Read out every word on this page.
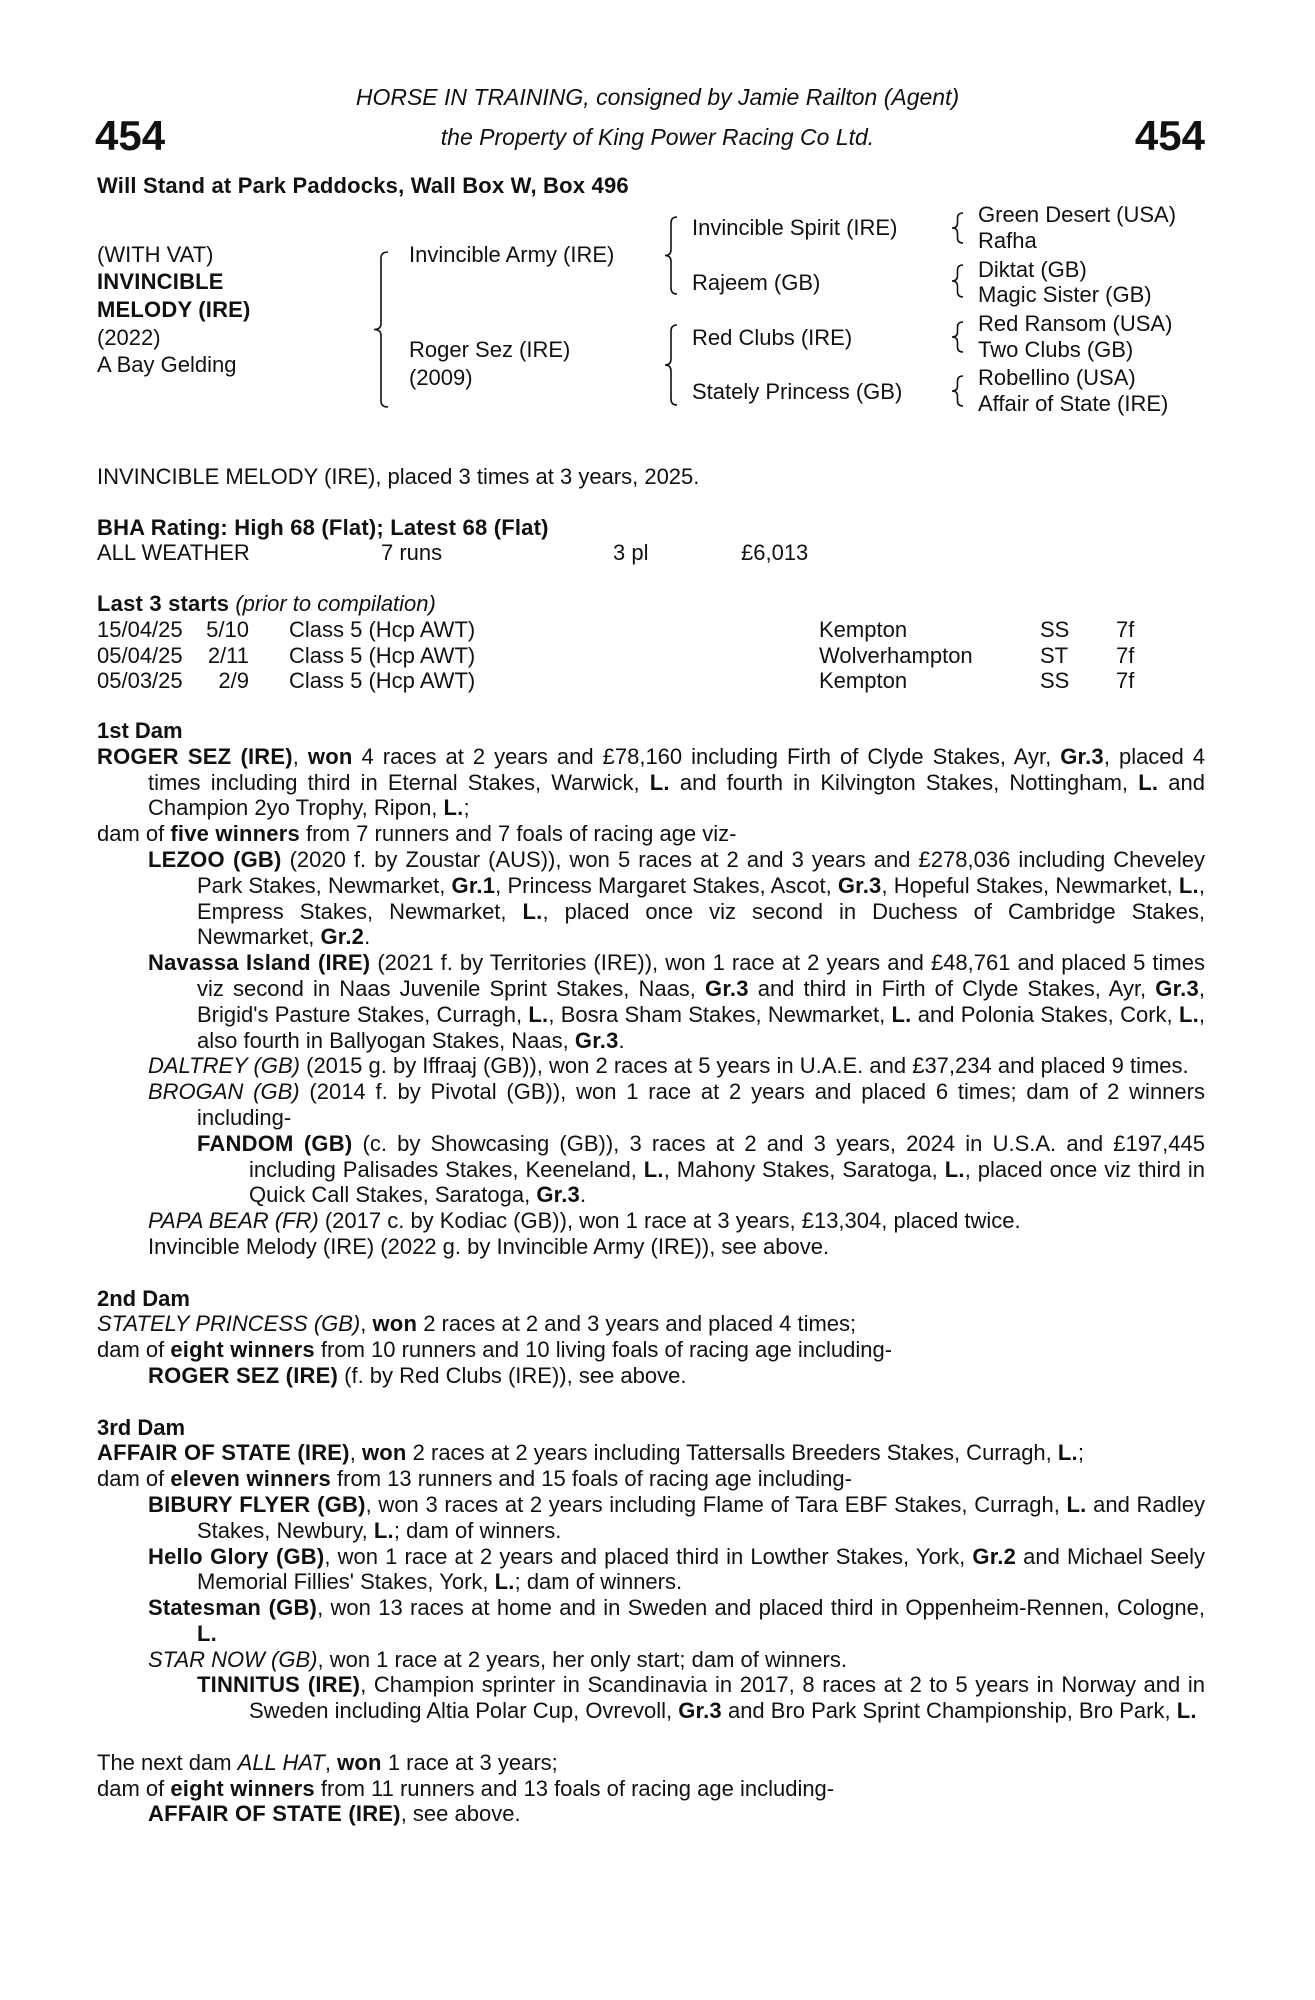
HORSE IN TRAINING, consigned by Jamie Railton (Agent)
the Property of King Power Racing Co Ltd.
454	454
Will Stand at Park Paddocks, Wall Box W, Box 496
(WITH VAT)
INVINCIBLE
MELODY (IRE)
(2022)
A Bay Gelding
Invincible Army (IRE)
Roger Sez (IRE)
(2009)
Invincible Spirit (IRE)
Rajeem (GB)
Red Clubs (IRE)
Stately Princess (GB)
Green Desert (USA)
Rafha
Diktat (GB)
Magic Sister (GB)
Red Ransom (USA)
Two Clubs (GB)
Robellino (USA)
Affair of State (IRE)
INVINCIBLE MELODY (IRE), placed 3 times at 3 years, 2025.
BHA Rating: High 68 (Flat); Latest 68 (Flat)
ALL WEATHER	7 runs	3 pl	£6,013
Last 3 starts (prior to compilation)
15/04/25 5/10 Class 5 (Hcp AWT)	Kempton	SS 7f
05/04/25 2/11 Class 5 (Hcp AWT)	Wolverhampton	ST 7f
05/03/25 2/9 Class 5 (Hcp AWT)	Kempton	SS 7f
1st Dam
ROGER SEZ (IRE), won 4 races at 2 years and £78,160 including Firth of Clyde Stakes, Ayr, Gr.3, placed 4 times including third in Eternal Stakes, Warwick, L. and fourth in Kilvington Stakes, Nottingham, L. and Champion 2yo Trophy, Ripon, L.;
dam of five winners from 7 runners and 7 foals of racing age viz-
LEZOO (GB) (2020 f. by Zoustar (AUS)), won 5 races at 2 and 3 years and £278,036 including Cheveley Park Stakes, Newmarket, Gr.1, Princess Margaret Stakes, Ascot, Gr.3, Hopeful Stakes, Newmarket, L., Empress Stakes, Newmarket, L., placed once viz second in Duchess of Cambridge Stakes, Newmarket, Gr.2.
Navassa Island (IRE) (2021 f. by Territories (IRE)), won 1 race at 2 years and £48,761 and placed 5 times viz second in Naas Juvenile Sprint Stakes, Naas, Gr.3 and third in Firth of Clyde Stakes, Ayr, Gr.3, Brigid's Pasture Stakes, Curragh, L., Bosra Sham Stakes, Newmarket, L. and Polonia Stakes, Cork, L., also fourth in Ballyogan Stakes, Naas, Gr.3.
DALTREY (GB) (2015 g. by Iffraaj (GB)), won 2 races at 5 years in U.A.E. and £37,234 and placed 9 times.
BROGAN (GB) (2014 f. by Pivotal (GB)), won 1 race at 2 years and placed 6 times; dam of 2 winners including-
FANDOM (GB) (c. by Showcasing (GB)), 3 races at 2 and 3 years, 2024 in U.S.A. and £197,445 including Palisades Stakes, Keeneland, L., Mahony Stakes, Saratoga, L., placed once viz third in Quick Call Stakes, Saratoga, Gr.3.
PAPA BEAR (FR) (2017 c. by Kodiac (GB)), won 1 race at 3 years, £13,304, placed twice.
Invincible Melody (IRE) (2022 g. by Invincible Army (IRE)), see above.
2nd Dam
STATELY PRINCESS (GB), won 2 races at 2 and 3 years and placed 4 times;
dam of eight winners from 10 runners and 10 living foals of racing age including-
ROGER SEZ (IRE) (f. by Red Clubs (IRE)), see above.
3rd Dam
AFFAIR OF STATE (IRE), won 2 races at 2 years including Tattersalls Breeders Stakes, Curragh, L.;
dam of eleven winners from 13 runners and 15 foals of racing age including-
BIBURY FLYER (GB), won 3 races at 2 years including Flame of Tara EBF Stakes, Curragh, L. and Radley Stakes, Newbury, L.; dam of winners.
Hello Glory (GB), won 1 race at 2 years and placed third in Lowther Stakes, York, Gr.2 and Michael Seely Memorial Fillies' Stakes, York, L.; dam of winners.
Statesman (GB), won 13 races at home and in Sweden and placed third in Oppenheim-Rennen, Cologne, L.
STAR NOW (GB), won 1 race at 2 years, her only start; dam of winners.
TINNITUS (IRE), Champion sprinter in Scandinavia in 2017, 8 races at 2 to 5 years in Norway and in Sweden including Altia Polar Cup, Ovrevoll, Gr.3 and Bro Park Sprint Championship, Bro Park, L.
The next dam ALL HAT, won 1 race at 3 years;
dam of eight winners from 11 runners and 13 foals of racing age including-
AFFAIR OF STATE (IRE), see above.
